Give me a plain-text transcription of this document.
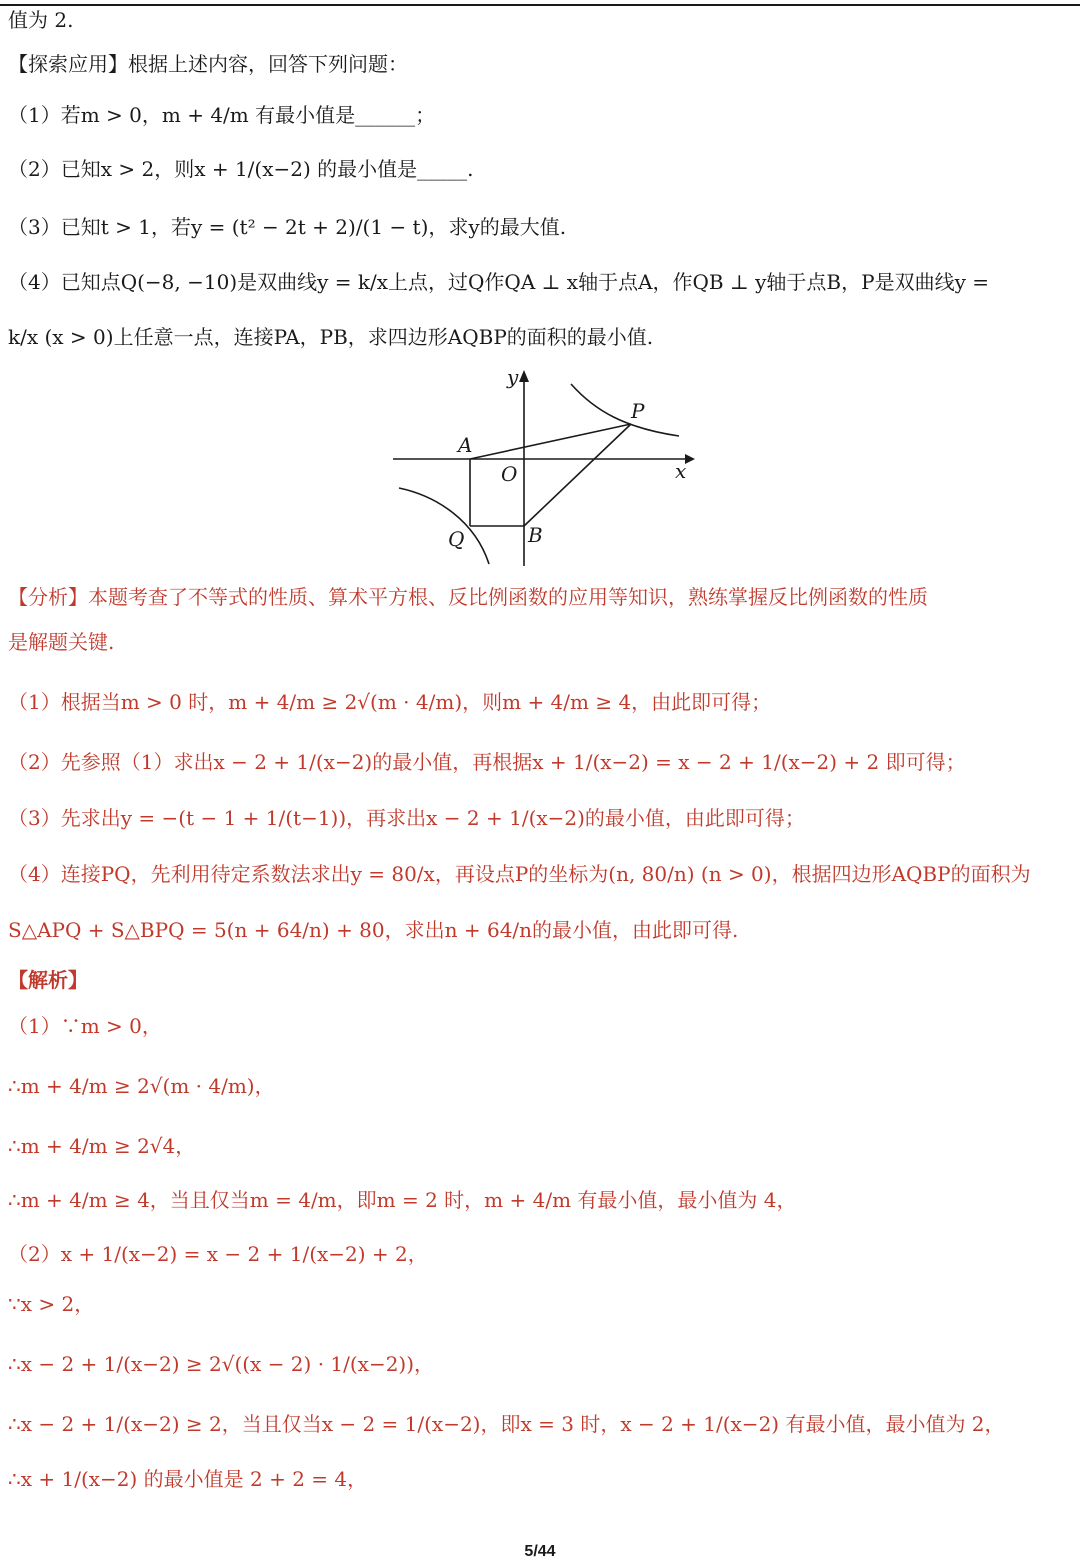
值为 2.
【探索应用】根据上述内容，回答下列问题：
（1）若m > 0，m + 4/m 有最小值是______；
（2）已知x > 2，则x + 1/(x−2) 的最小值是_____.
（3）已知t > 1，若y = (t² − 2t + 2)/(1 − t)，求y的最大值.
（4）已知点Q(−8, −10)是双曲线y = k/x上点，过Q作QA ⊥ x轴于点A，作QB ⊥ y轴于点B，P是双曲线y =
k/x (x > 0)上任意一点，连接PA，PB，求四边形AQBP的面积的最小值.
y
x
O
A
P
Q	B
【分析】本题考查了不等式的性质、算术平方根、反比例函数的应用等知识，熟练掌握反比例函数的性质
是解题关键.
（1）根据当m > 0 时，m + 4/m ≥ 2√(m · 4/m)，则m + 4/m ≥ 4，由此即可得；
（2）先参照（1）求出x − 2 + 1/(x−2)的最小值，再根据x + 1/(x−2) = x − 2 + 1/(x−2) + 2 即可得；
（3）先求出y = −(t − 1 + 1/(t−1))，再求出x − 2 + 1/(x−2)的最小值，由此即可得；
（4）连接PQ，先利用待定系数法求出y = 80/x，再设点P的坐标为(n, 80/n) (n > 0)，根据四边形AQBP的面积为
S△APQ + S△BPQ = 5(n + 64/n) + 80，求出n + 64/n的最小值，由此即可得.
【解析】
（1）∵m > 0，
∴m + 4/m ≥ 2√(m · 4/m)，
∴m + 4/m ≥ 2√4，
∴m + 4/m ≥ 4，当且仅当m = 4/m，即m = 2 时，m + 4/m 有最小值，最小值为 4，
（2）x + 1/(x−2) = x − 2 + 1/(x−2) + 2，
∵x > 2，
∴x − 2 + 1/(x−2) ≥ 2√((x − 2) · 1/(x−2))，
∴x − 2 + 1/(x−2) ≥ 2，当且仅当x − 2 = 1/(x−2)，即x = 3 时，x − 2 + 1/(x−2) 有最小值，最小值为 2，
∴x + 1/(x−2) 的最小值是 2 + 2 = 4，
5/44
